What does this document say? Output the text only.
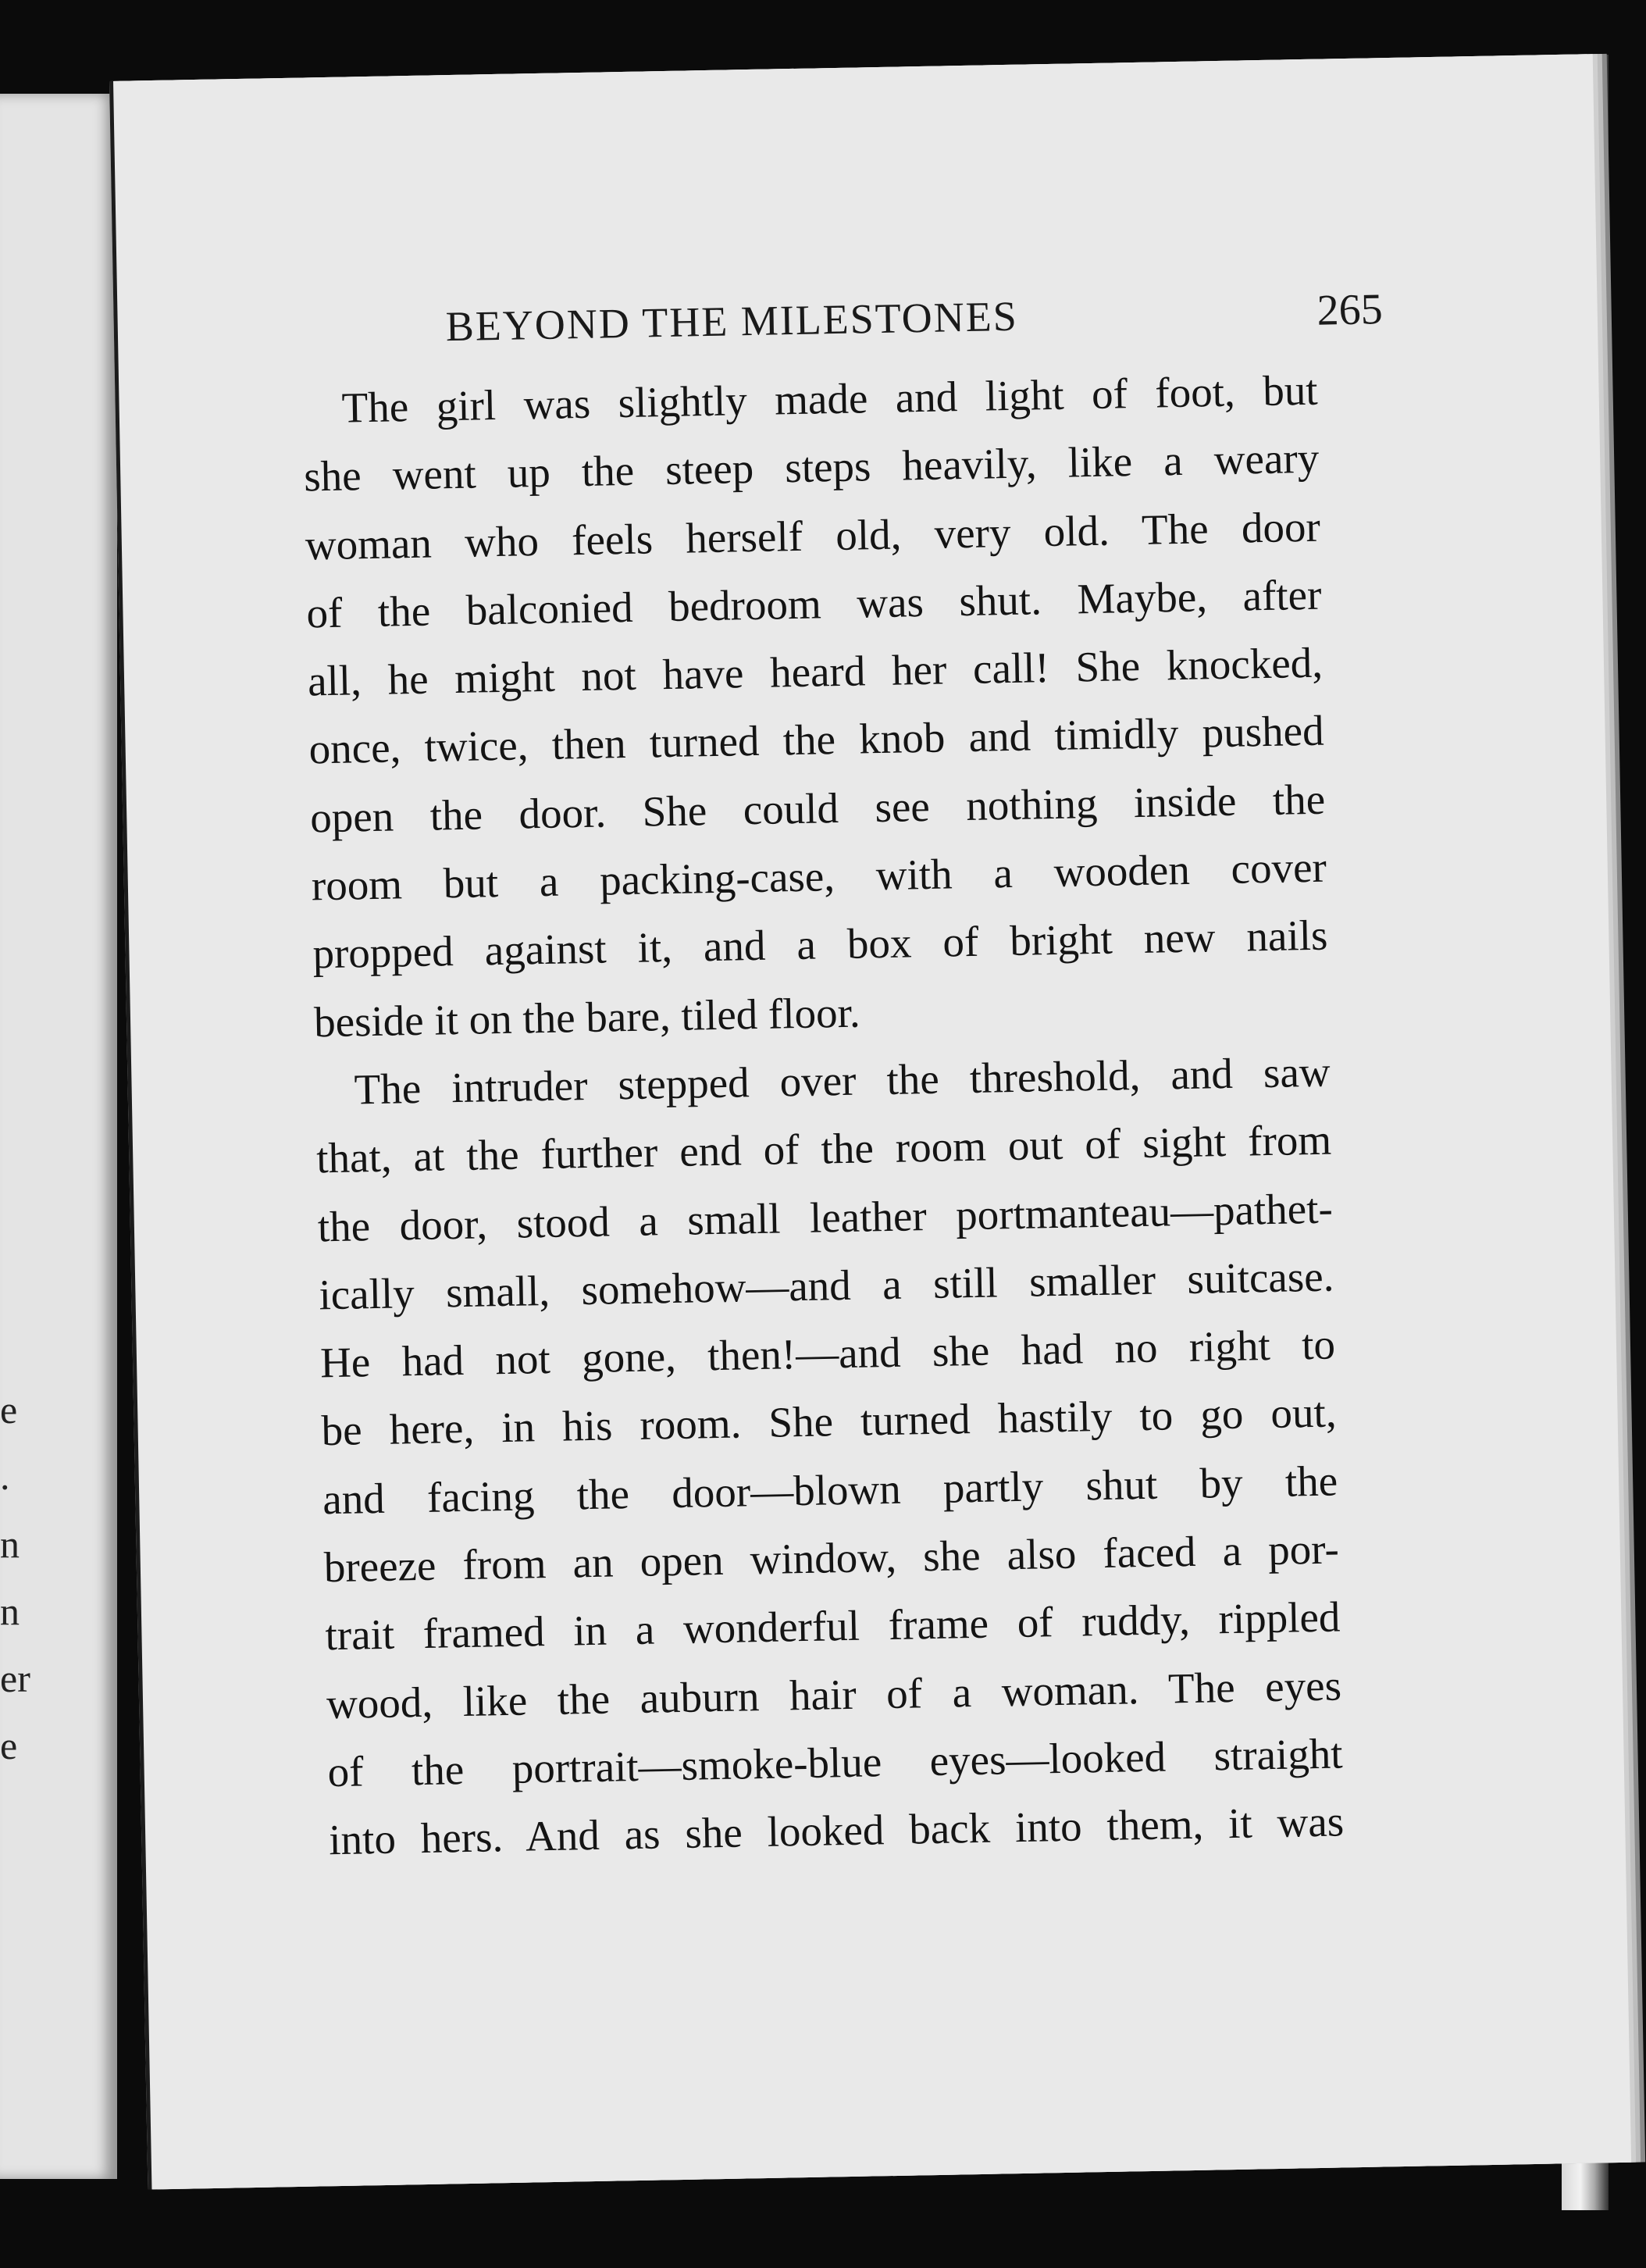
e
.
n
n
er
e
BEYOND THE MILESTONES	265
The girl was slightly made and light of foot, but
she went up the steep steps heavily, like a weary
woman who feels herself old, very old. The door
of the balconied bedroom was shut. Maybe, after
all, he might not have heard her call! She knocked,
once, twice, then turned the knob and timidly pushed
open the door. She could see nothing inside the
room but a packing-case, with a wooden cover
propped against it, and a box of bright new nails
beside it on the bare, tiled floor.
The intruder stepped over the threshold, and saw
that, at the further end of the room out of sight from
the door, stood a small leather portmanteau—pathet-
ically small, somehow—and a still smaller suitcase.
He had not gone, then!—and she had no right to
be here, in his room. She turned hastily to go out,
and facing the door—blown partly shut by the
breeze from an open window, she also faced a por-
trait framed in a wonderful frame of ruddy, rippled
wood, like the auburn hair of a woman. The eyes
of the portrait—smoke-blue eyes—looked straight
into hers. And as she looked back into them, it was
